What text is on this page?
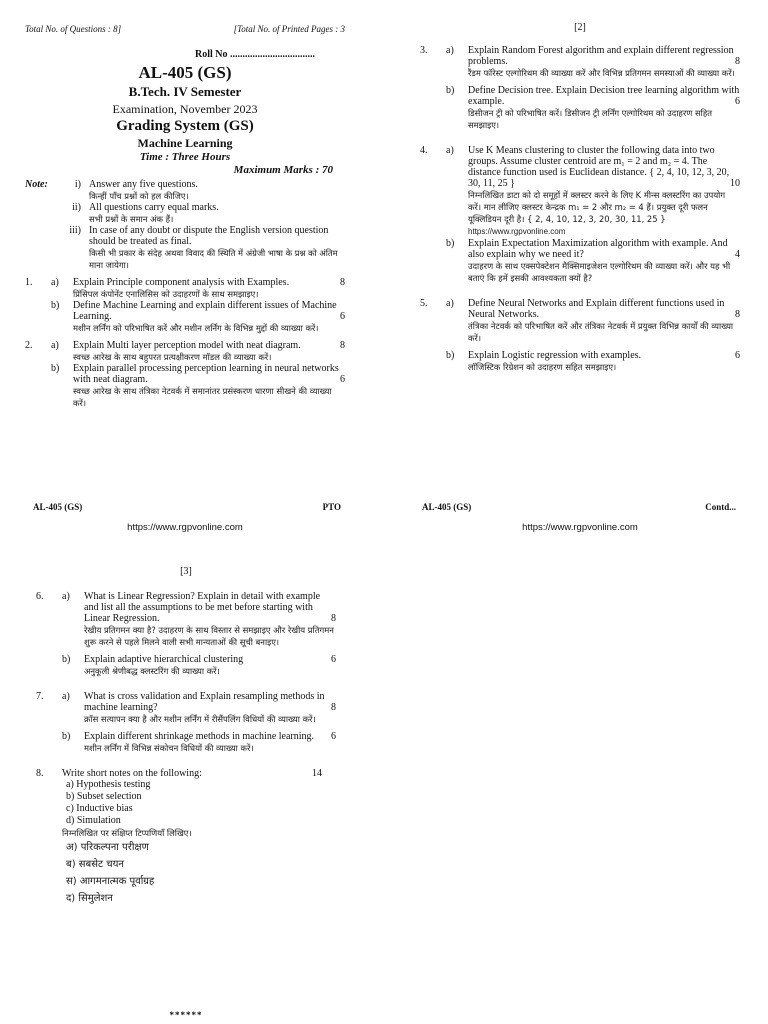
Total No. of Questions : 8]	[Total No. of Printed Pages : 3
Roll No ..................................
AL-405 (GS)
B.Tech. IV Semester
Examination, November 2023
Grading System (GS)
Machine Learning
Time : Three Hours
Maximum Marks : 70
Note:	i) Answer any five questions.

किन्हीं पाँच प्रश्नों को हल कीजिए।

ii) All questions carry equal marks.

सभी प्रश्नों के समान अंक हैं।

iii) In case of any doubt or dispute the English version question should be treated as final.

किसी भी प्रकार के संदेह अथवा विवाद की स्थिति में अंग्रेजी भाषा के प्रश्न को अंतिम माना जायेगा।

1.	a)	Explain Principle component analysis with Examples.	8

प्रिंसिपल कंपोनेंट एनालिसिस को उदाहरणों के साथ समझाइए।

b)	Define Machine Learning and explain different issues of Machine Learning.	6

मशीन लर्निंग को परिभाषित करें और मशीन लर्निंग के विभिन्न मुद्दों की व्याख्या करें।

2.	a)	Explain Multi layer perception model with neat diagram.	8

स्वच्छ आरेख के साथ बहुपरत प्रत्यक्षीकरण मॉडल की व्याख्या करें।

b)	Explain parallel processing perception learning in neural networks with neat diagram.	6

स्वच्छ आरेख के साथ तंत्रिका नेटवर्क में समानांतर प्रसंस्करण धारणा सीखने की व्याख्या करें।

AL-405 (GS)	PTO
https://www.rgpvonline.com
[2]
3.	a)	Explain Random Forest algorithm and explain different regression problems.	8

रैंडम फॉरेस्ट एल्गोरिथम की व्याख्या करें और विभिन्न प्रतिगमन समस्याओं की व्याख्या करें।

b)	Define Decision tree. Explain Decision tree learning algorithm with example.	6

डिसीजन ट्री को परिभाषित करें। डिसीजन ट्री लर्निंग एल्गोरिथम को उदाहरण सहित समझाइए।

4.	a)	Use K Means clustering to cluster the following data into two groups. Assume cluster centroid are m₁ = 2 and m₂ = 4. The distance function used is Euclidean distance. { 2, 4, 10, 12, 3, 20, 30, 11, 25 }	10

निम्नलिखित डाटा को दो समूहों में क्लस्टर करने के लिए K मीन्स क्लस्टरिंग का उपयोग करें। मान लीजिए क्लस्टर केन्द्रक m₁ = 2 और m₂ = 4 हैं। प्रयुक्त दूरी फलन यूक्लिडियन दूरी है। { 2, 4, 10, 12, 3, 20, 30, 11, 25 } https://www.rgpvonline.com

b)	Explain Expectation Maximization algorithm with example. And also explain why we need it?	4

उदाहरण के साथ एक्सपेक्टेशन मैक्सिमाइजेशन एल्गोरिथम की व्याख्या करें। और यह भी बताएं कि हमें इसकी आवश्यकता क्यों है?

5.	a)	Define Neural Networks and Explain different functions used in Neural Networks.	8

तंत्रिका नेटवर्क को परिभाषित करें और तंत्रिका नेटवर्क में प्रयुक्त विभिन्न कार्यों की व्याख्या करें।

b)	Explain Logistic regression with examples.	6

लॉजिस्टिक रिग्रेशन को उदाहरण सहित समझाइए।

AL-405 (GS)	Contd...
https://www.rgpvonline.com
[3]
6.	a)	What is Linear Regression? Explain in detail with example and list all the assumptions to be met before starting with Linear Regression.	8

रेखीय प्रतिगमन क्या है? उदाहरण के साथ विस्तार से समझाइए और रेखीय प्रतिगमन शुरू करने से पहले मिलने वाली सभी मान्यताओं की सूची बनाइए।

b)	Explain adaptive hierarchical clustering	6

अनुकूली श्रेणीबद्ध क्लस्टरिंग की व्याख्या करें।

7.	a)	What is cross validation and Explain resampling methods in machine learning?	8

क्रॉस सत्यापन क्या है और मशीन लर्निंग में रीसैंपलिंग विधियों की व्याख्या करें।

b)	Explain different shrinkage methods in machine learning. 6

मशीन लर्निंग में विभिन्न संकोचन विधियों की व्याख्या करें।

8.	Write short notes on the following:	14

a) Hypothesis testing
b) Subset selection
c) Inductive bias
d) Simulation

निम्नलिखित पर संक्षिप्त टिप्पणियाँ लिखिए।

अ) परिकल्पना परीक्षण
ब) सबसेट चयन
स) आगमनात्मक पूर्वाग्रह
द) सिमुलेशन
******
